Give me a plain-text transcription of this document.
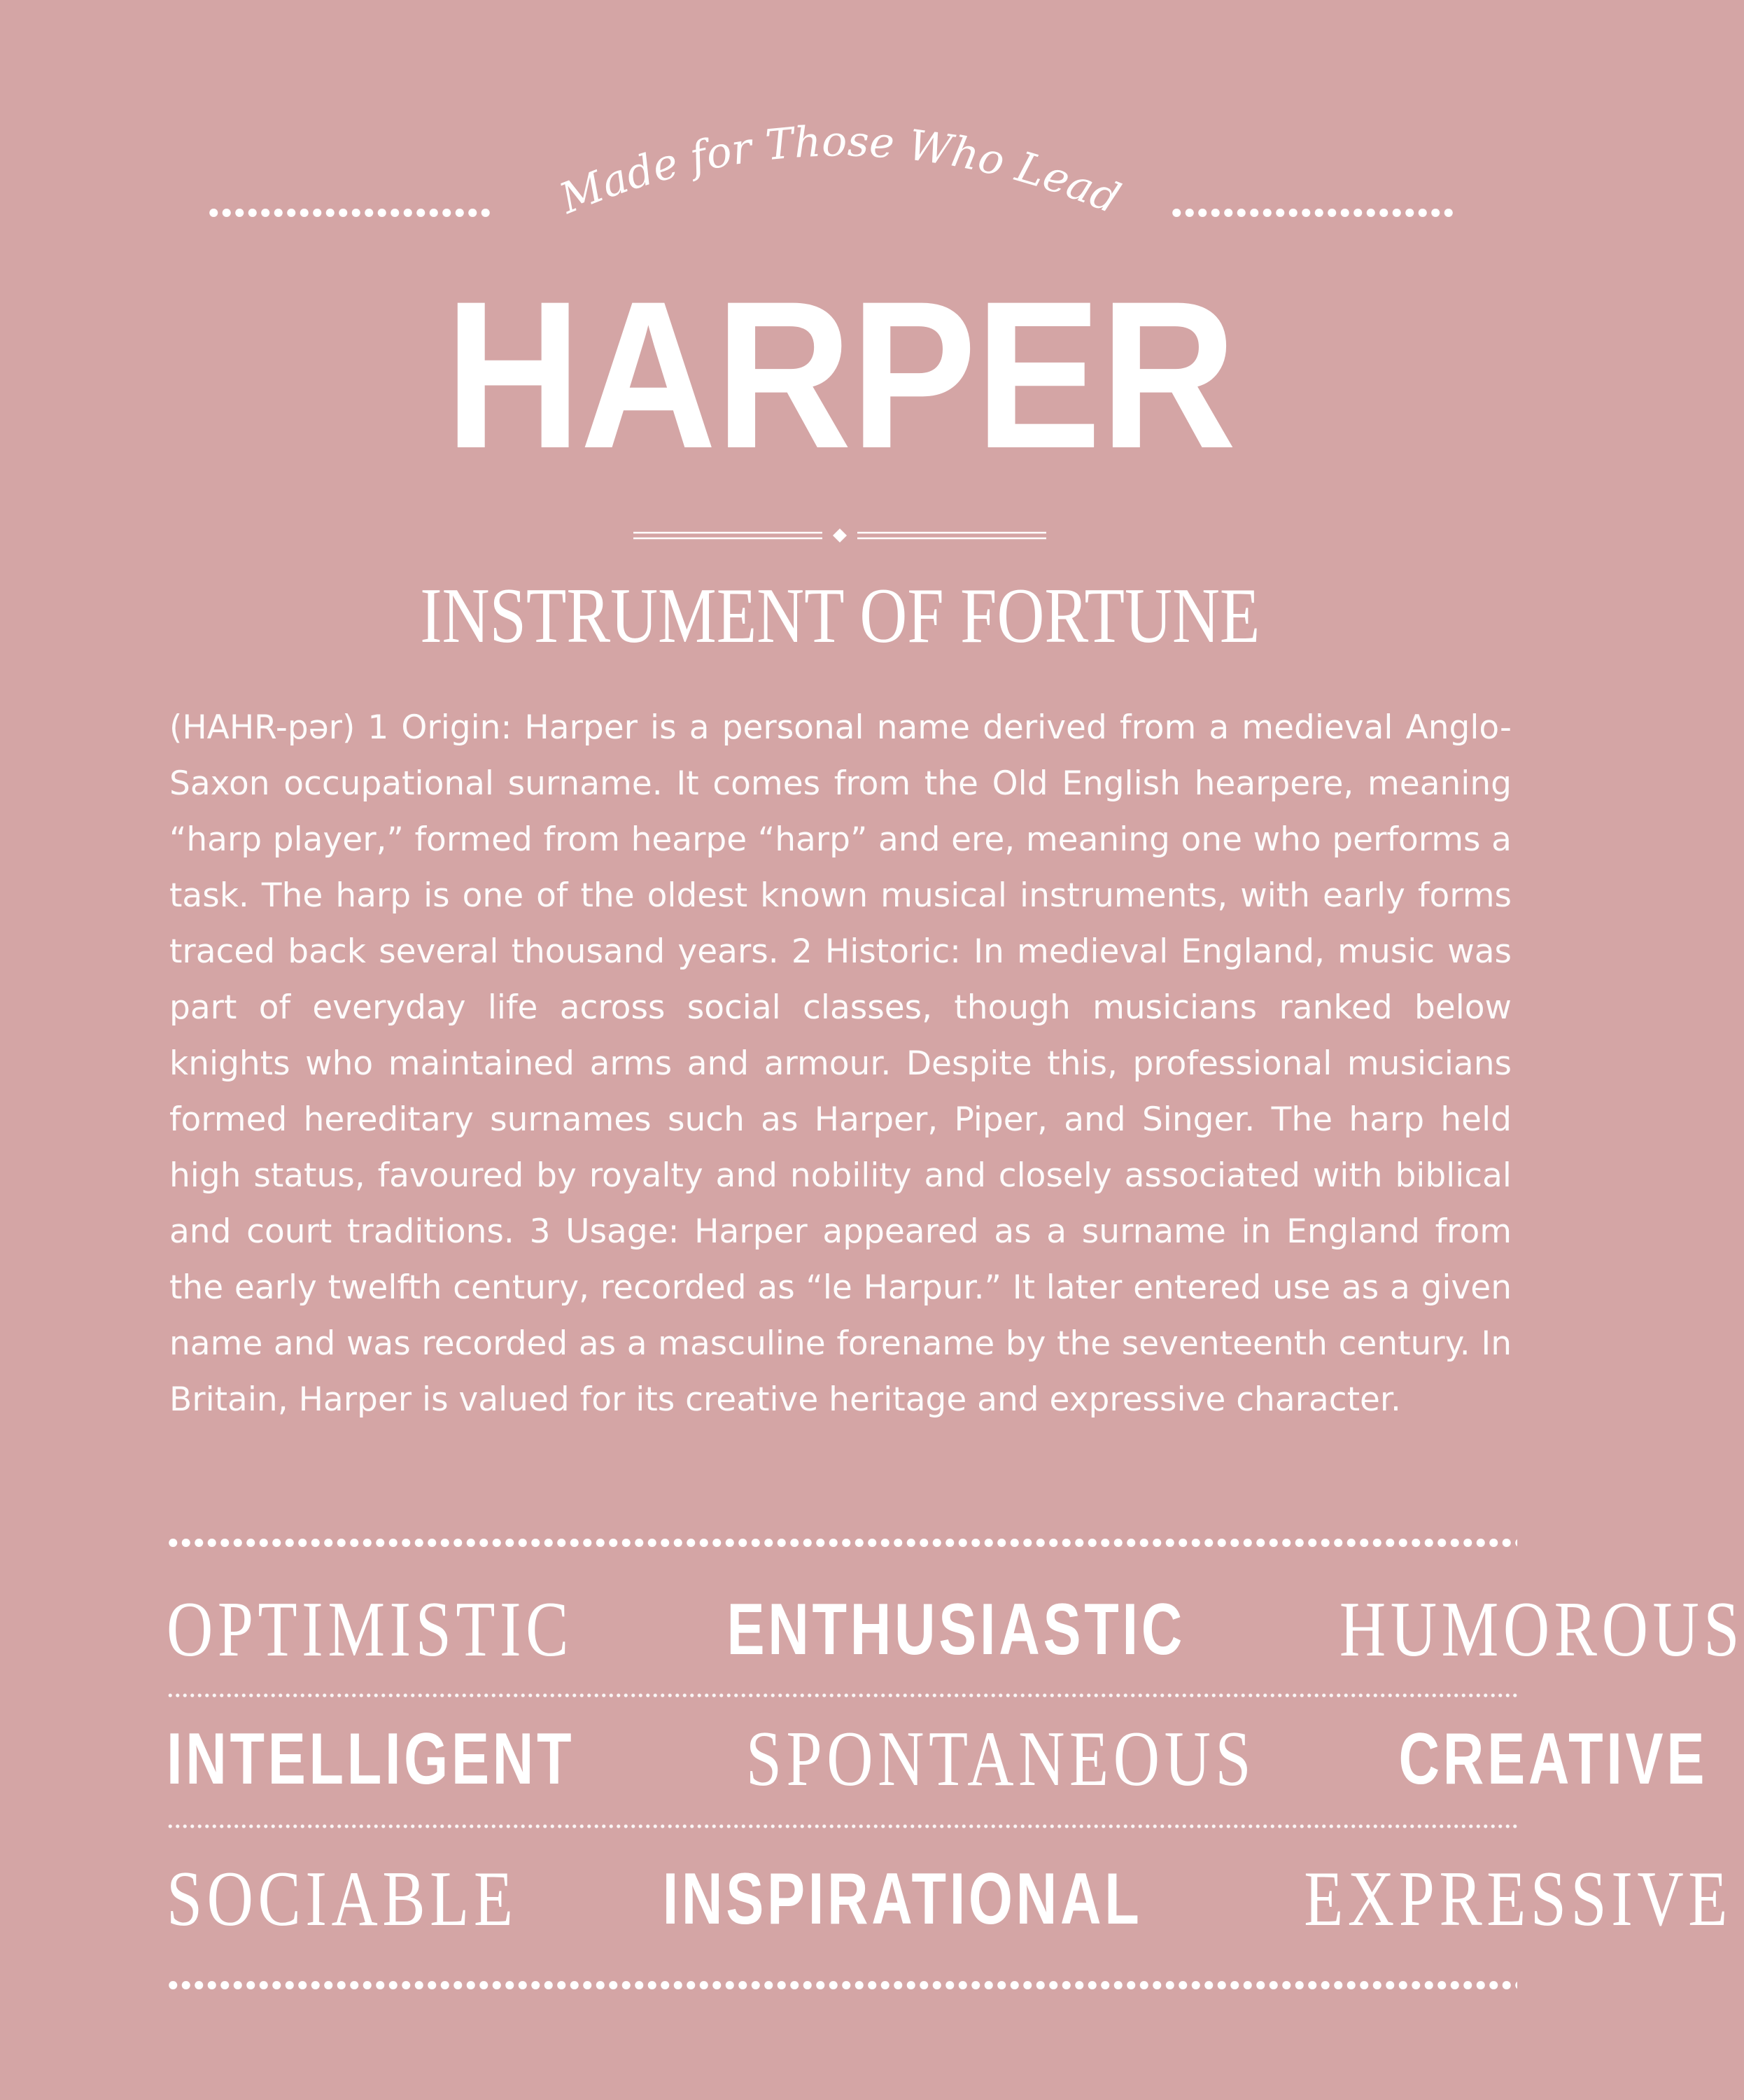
Made for Those Who Lead
HARPER
INSTRUMENT OF FORTUNE

(HAHR-pər) 1 Origin: Harper is a personal name derived from a medieval Anglo-Saxon occupational surname. It comes from the Old English hearpere, meaning “harp player,” formed from hearpe “harp” and ere, meaning one who performs a task. The harp is one of the oldest known musical instruments, with early forms traced back several thousand years. 2 Historic: In medieval England, music was part of everyday life across social classes, though musicians ranked below knights who maintained arms and armour. Despite this, professional musicians formed hereditary surnames such as Harper, Piper, and Singer. The harp held high status, favoured by royalty and nobility and closely associated with biblical and court traditions. 3 Usage: Harper appeared as a surname in England from the early twelfth century, recorded as “le Harpur.” It later entered use as a given name and was recorded as a masculine forename by the seventeenth century. In Britain, Harper is valued for its creative heritage and expressive character.

OPTIMISTIC ENTHUSIASTIC HUMOROUS
INTELLIGENT SPONTANEOUS CREATIVE
SOCIABLE INSPIRATIONAL EXPRESSIVE
